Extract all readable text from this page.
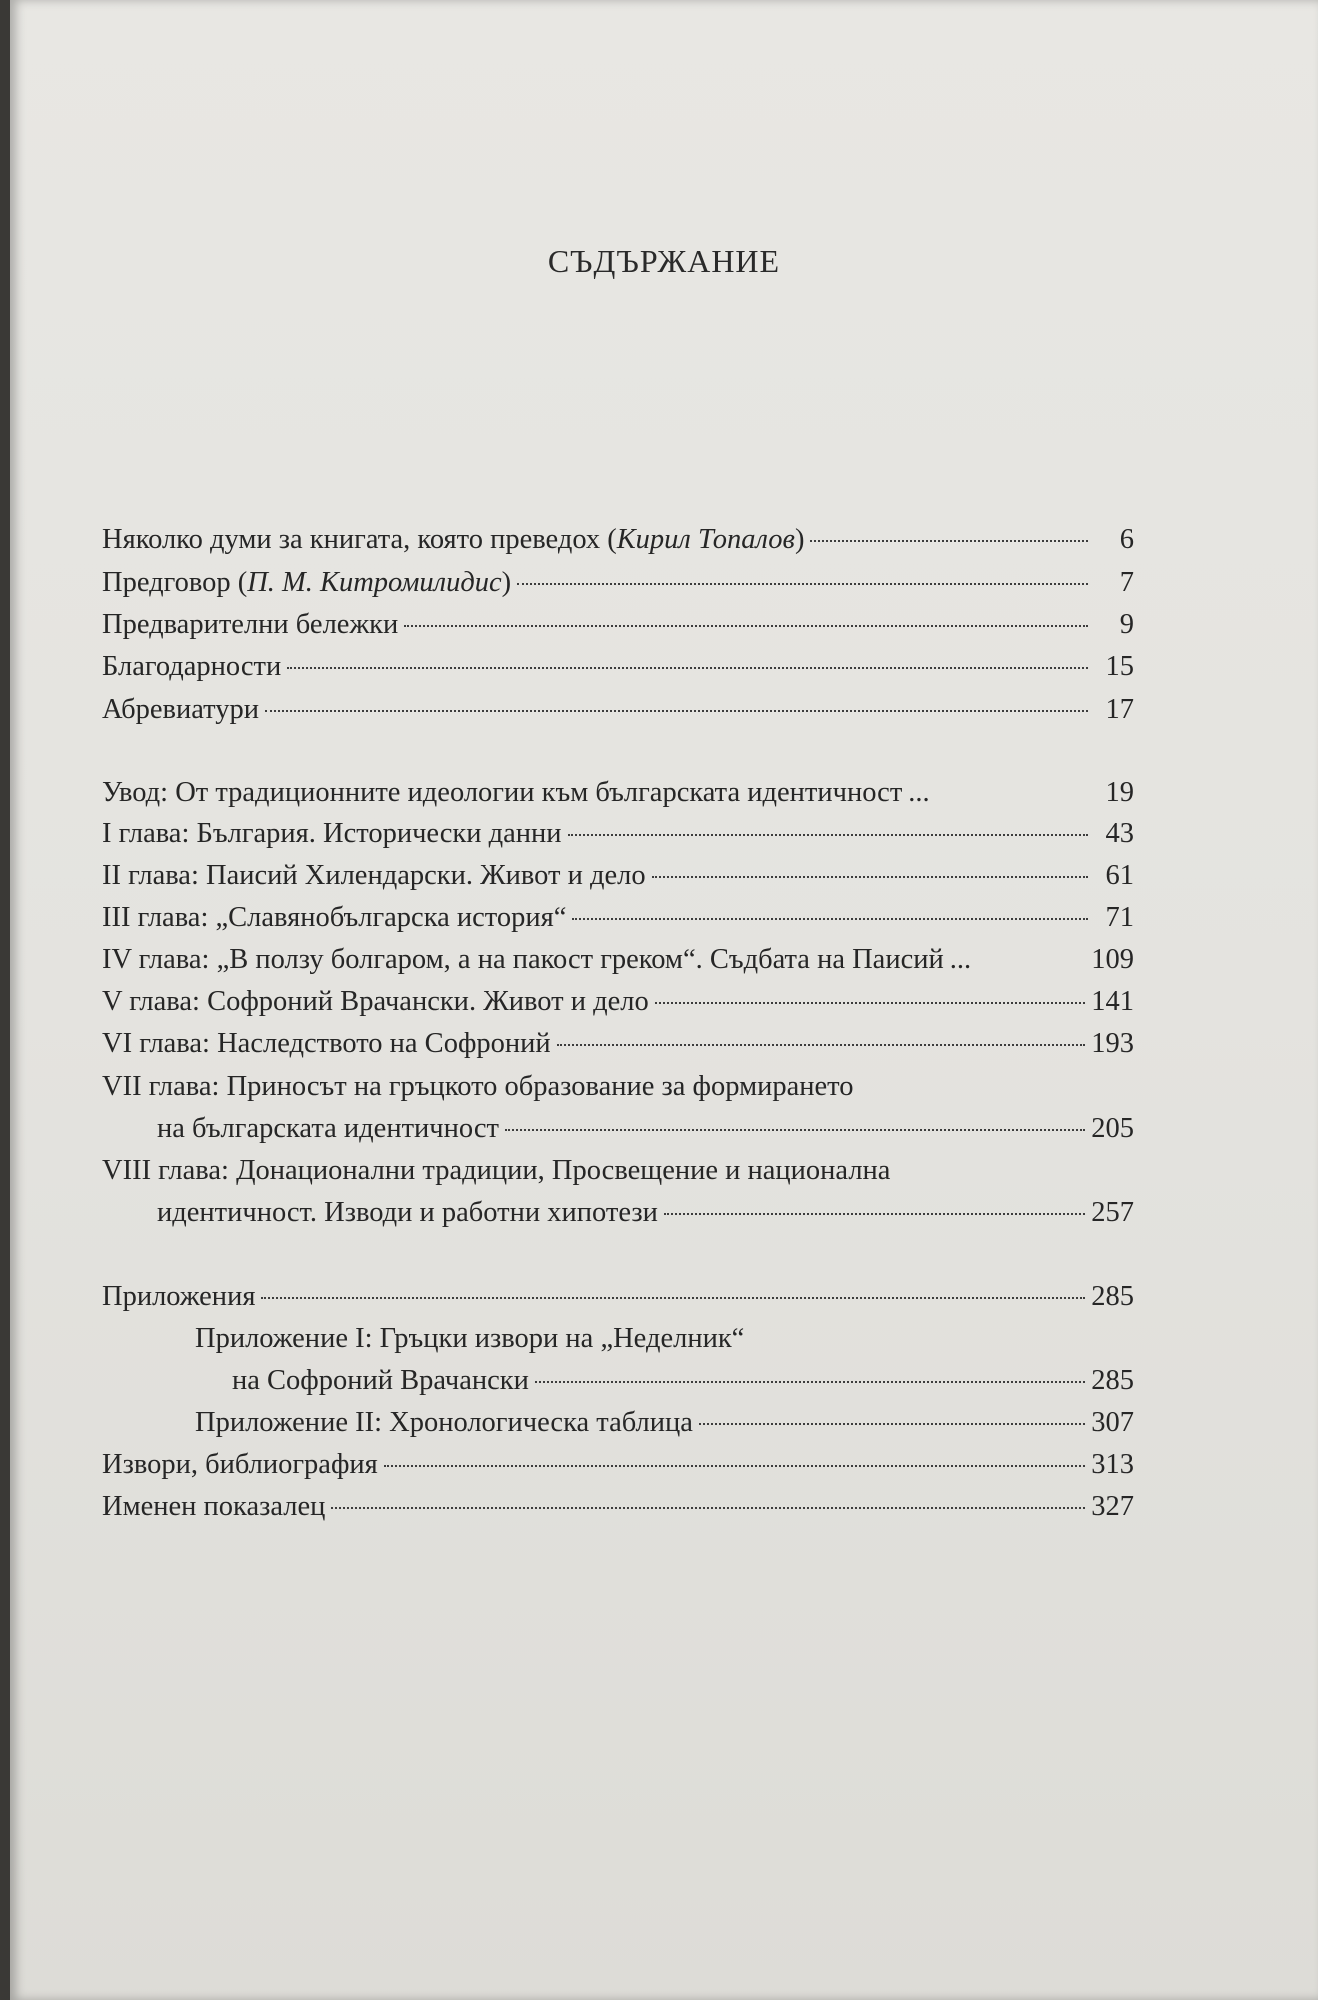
СЪДЪРЖАНИЕ
Няколко думи за книгата, която преведох (Кирил Топалов)	6
Предговор (П. М. Китромилидис)	7
Предварителни бележки	9
Благодарности	15
Абревиатури	17
Увод: От традиционните идеологии към българската идентичност ...	19
I глава: България. Исторически данни	43
II глава: Паисий Хилендарски. Живот и дело	61
III глава: „Славянобългарска история“	71
IV глава: „В ползу болгаром, а на пакост греком“. Съдбата на Паисий ...	109
V глава: Софроний Врачански. Живот и дело	141
VI глава: Наследството на Софроний	193
VII глава: Приносът на гръцкото образование за формирането
на българската идентичност	205
VIII глава: Донационални традиции, Просвещение и национална
идентичност. Изводи и работни хипотези	257
Приложения	285
Приложение I: Гръцки извори на „Неделник“
на Софроний Врачански	285
Приложение II: Хронологическа таблица	307
Извори, библиография	313
Именен показалец	327
